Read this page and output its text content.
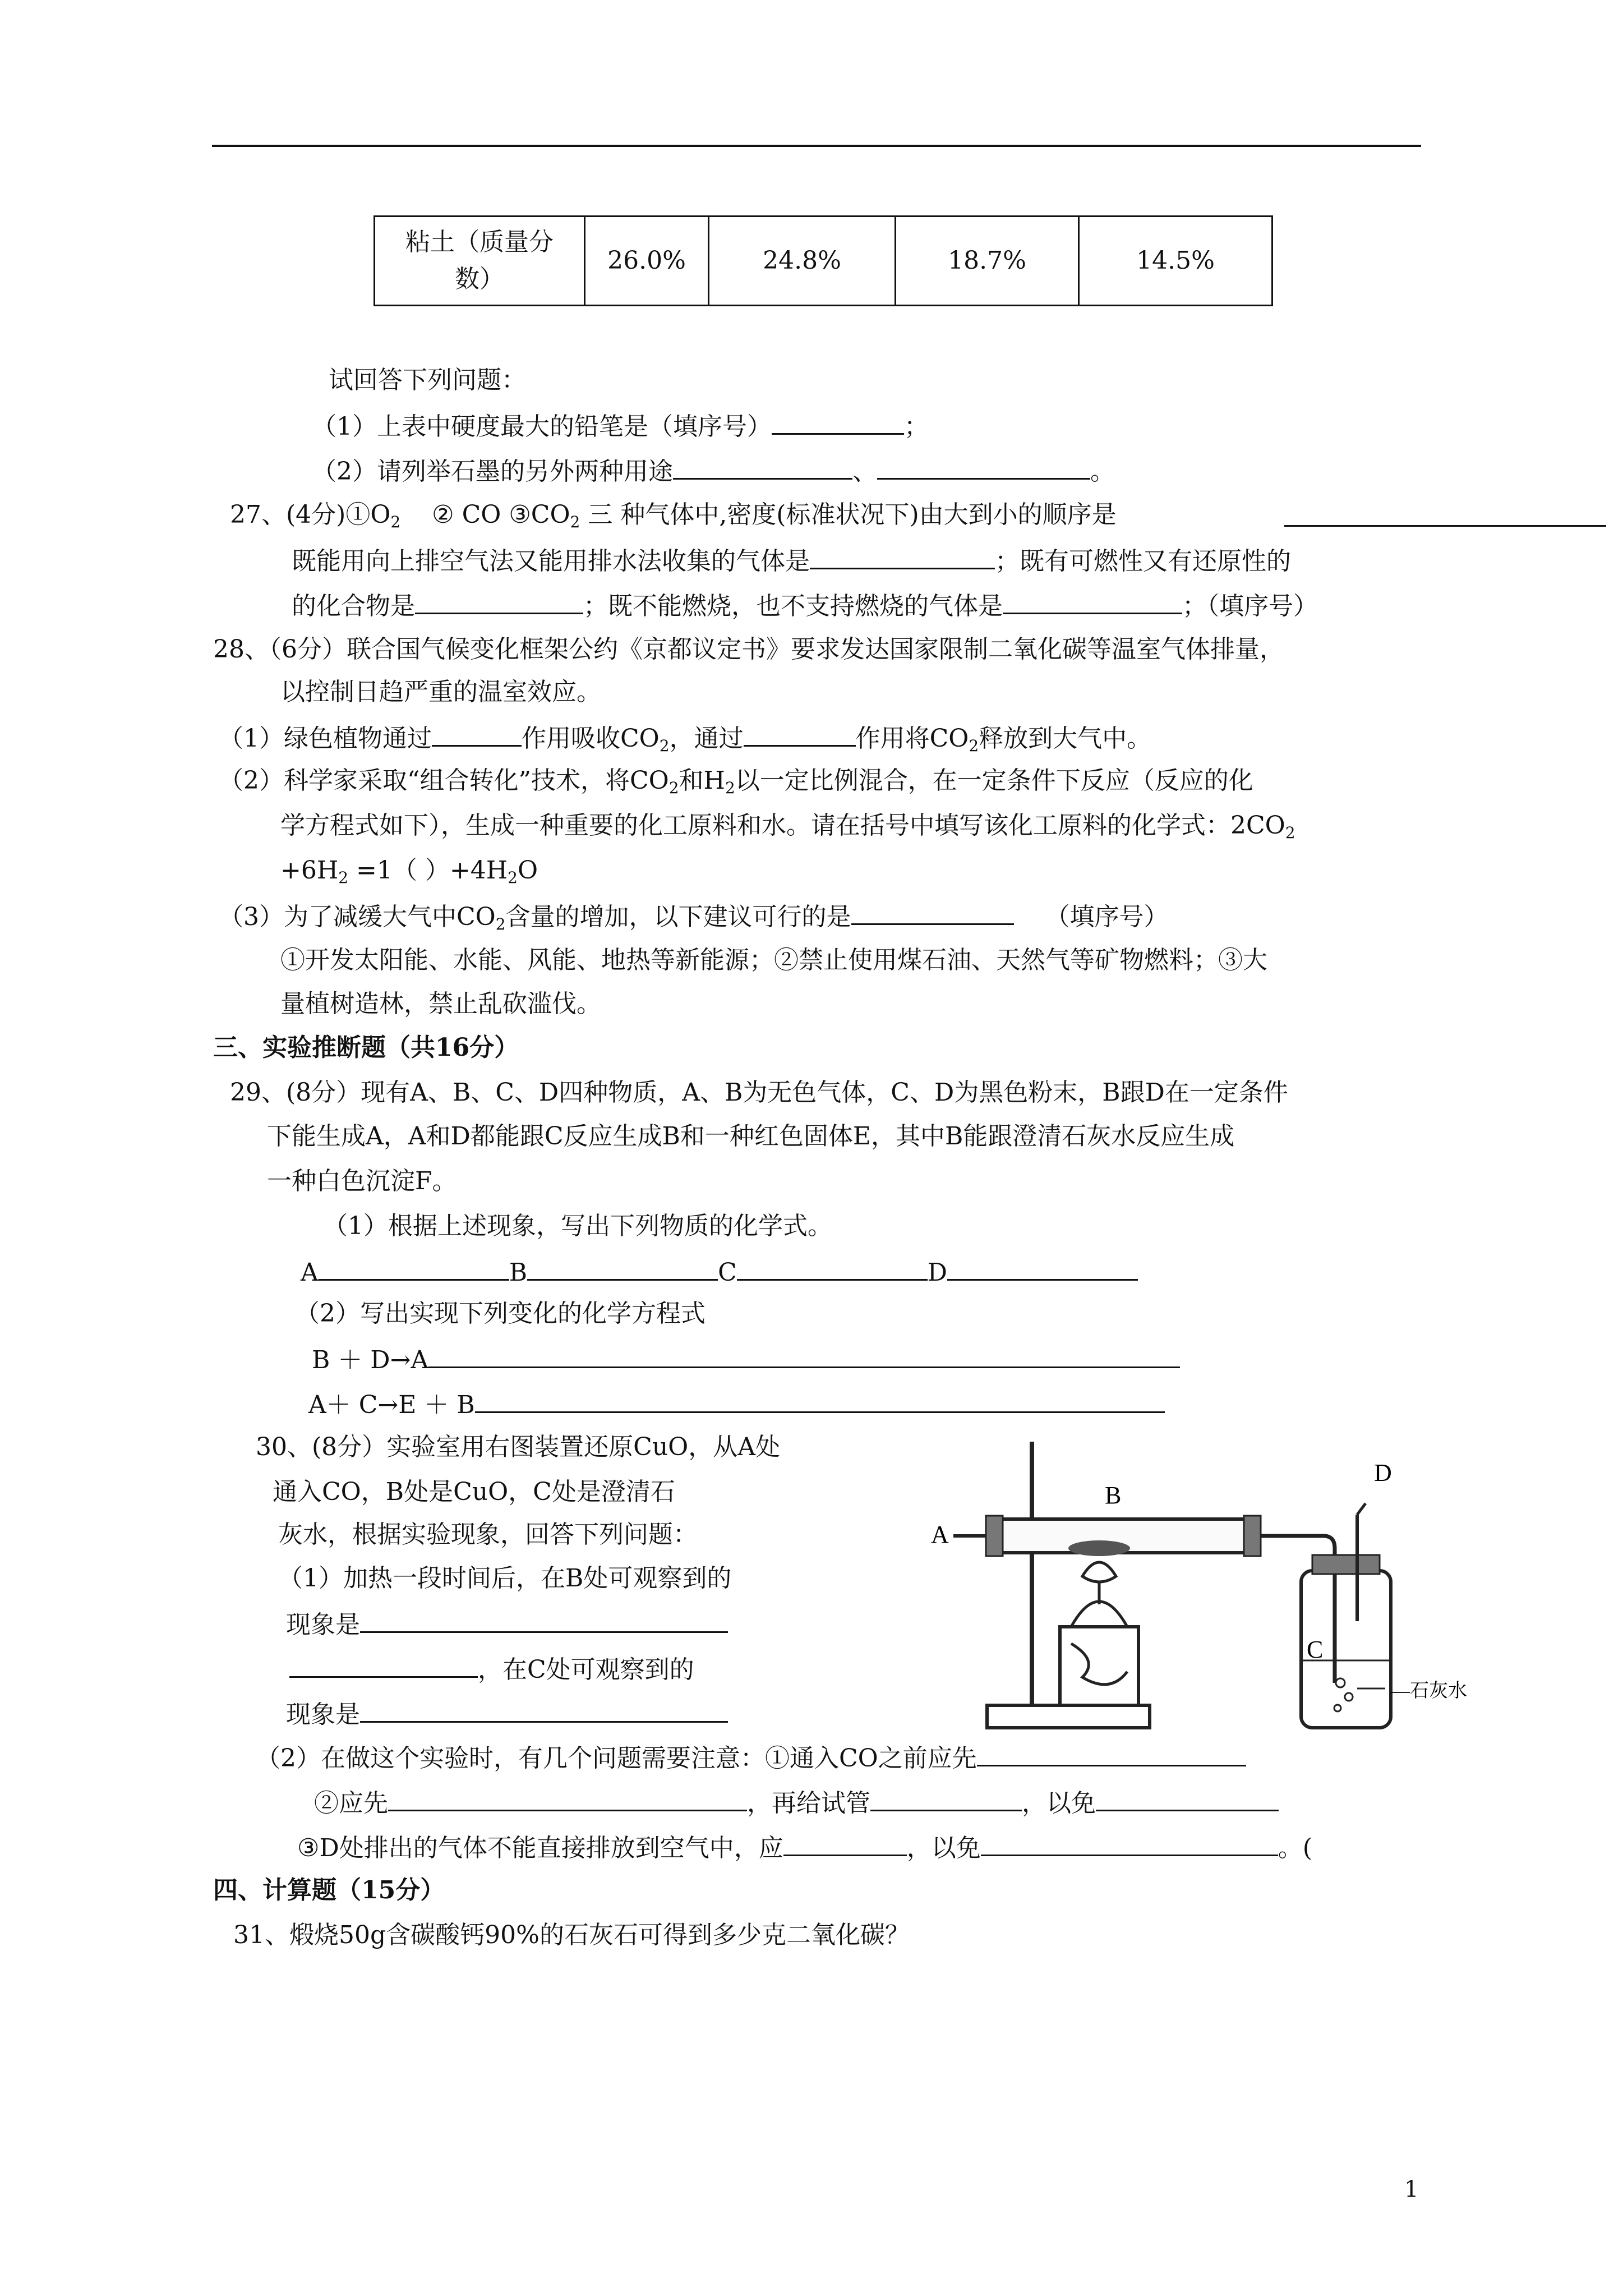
粘土（质量分
数）
	26.0%	24.8%	18.7%	14.5%
试回答下列问题：
（1）上表中硬度最大的铅笔是（填序号）	；
（2）请列举石墨的另外两种用途	、	。
27、(4分)$①O_2$ ② CO $③CO_2$ 三 种气体中,密度(标准状况下)由大到小的顺序是
既能用向上排空气法又能用排水法收集的气体是	；既有可燃性又有还原性的
的化合物是	；既不能燃烧，也不支持燃烧的气体是	；（填序号）
28、（6分）联合国气候变化框架公约《京都议定书》要求发达国家限制二氧化碳等温室气体排量，
以控制日趋严重的温室效应。
（1）绿色植物通过	作用吸收$CO_2$，通过	作用将$CO_2$释放到大气中。
（2）科学家采取“组合转化”技术，将$CO_2$和$H_2$以一定比例混合，在一定条件下反应（反应的化
学方程式如下），生成一种重要的化工原料和水。请在括号中填写该化工原料的化学式：$2CO_2$
$+6H_2 =1$（ ）$+4H_2O$
（3）为了减缓大气中$CO_2$含量的增加，以下建议可行的是	（填序号）
①开发太阳能、水能、风能、地热等新能源；②禁止使用煤石油、天然气等矿物燃料；③大
量植树造林，禁止乱砍滥伐。
三、实验推断题（共16分）
29、(8分）现有A、B、C、D四种物质，A、B为无色气体，C、D为黑色粉末，B跟D在一定条件
下能生成A，A和D都能跟C反应生成B和一种红色固体E，其中B能跟澄清石灰水反应生成
一种白色沉淀F。
（1）根据上述现象，写出下列物质的化学式。
A	B	C	D
（2）写出实现下列变化的化学方程式
B ＋ D→A
A＋ C→E ＋ B
30、(8分）实验室用右图装置还原CuO，从A处
通入CO，B处是CuO，C处是澄清石
灰水，根据实验现象，回答下列问题：
（1）加热一段时间后，在B处可观察到的
现象是
，在C处可观察到的
现象是
（2）在做这个实验时，有几个问题需要注意：①通入CO之前应先
②应先	，再给试管	，以免
③D处排出的气体不能直接排放到空气中，应	，以免	。(
A
B
D
C
—石灰水
四、计算题（15分）
31、煅烧50g含碳酸钙90%的石灰石可得到多少克二氧化碳？
1
